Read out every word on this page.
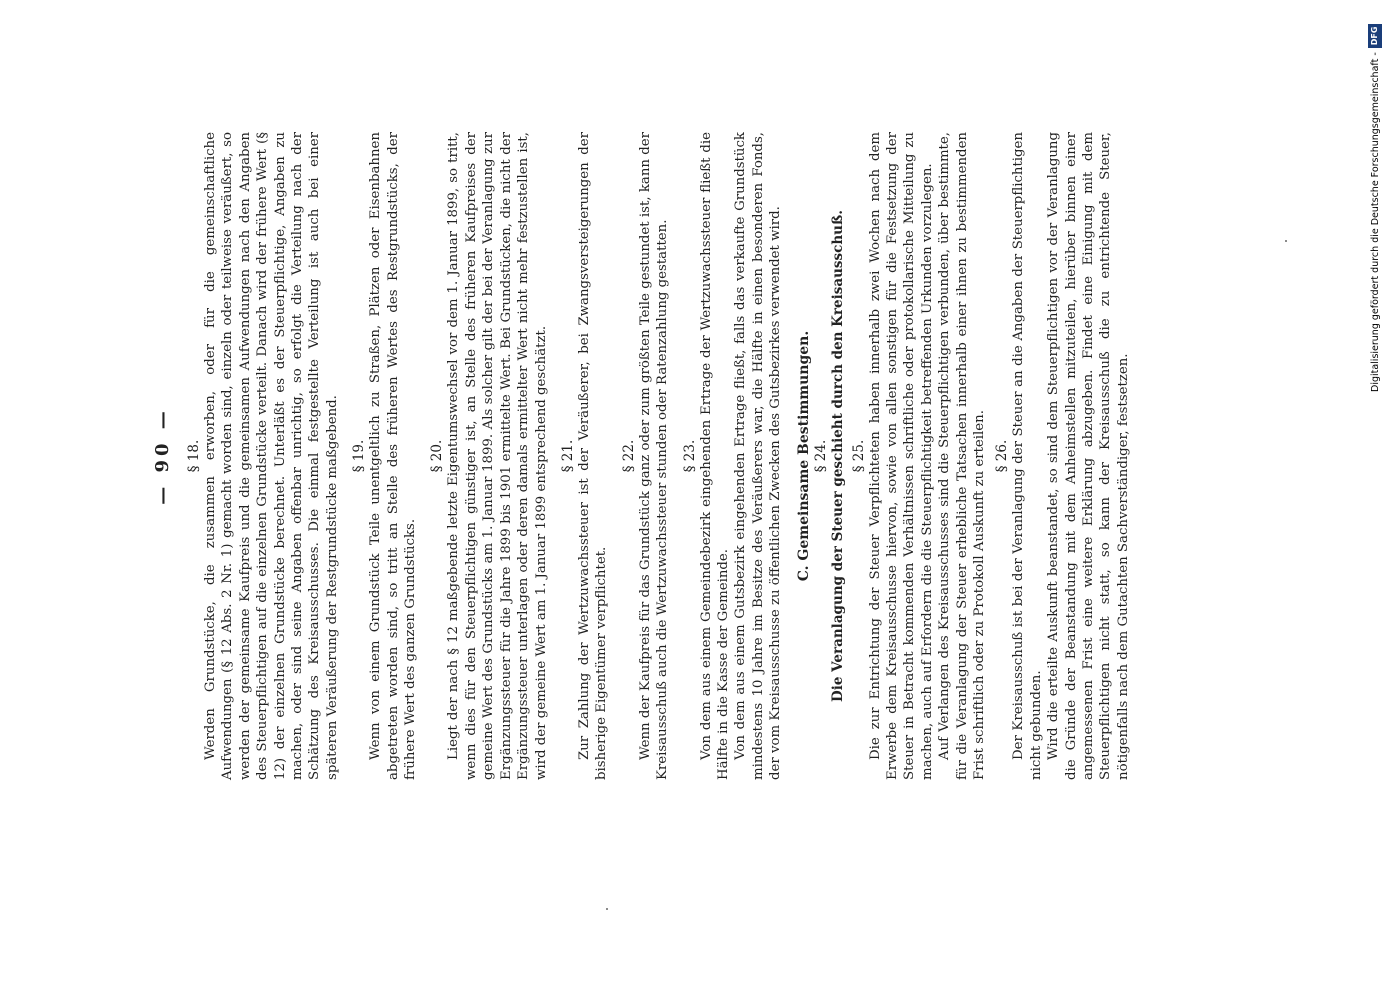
— 90 — § 18. Werden Grundstücke, die zusammen erworben, oder für die gemeinschaftliche Aufwendungen (§ 12 Abs. 2 Nr. 1) gemacht worden sind, einzeln oder teilweise veräußert, so werden der gemeinsame Kaufpreis und die gemeinsamen Aufwendungen nach den Angaben des Steuerpflichtigen auf die einzelnen Grundstücke verteilt. Danach wird der frühere Wert (§ 12) der einzelnen Grundstücke berechnet. Unterläßt es der Steuerpflichtige, Angaben zu machen, oder sind seine Angaben offenbar unrichtig, so erfolgt die Verteilung nach der Schätzung des Kreisausschusses. Die einmal festgestellte Verteilung ist auch bei einer späteren Veräußerung der Restgrundstücke maßgebend. § 19. Wenn von einem Grundstück Teile unentgeltlich zu Straßen, Plätzen oder Eisenbahnen abgetreten worden sind, so tritt an Stelle des früheren Wertes des Restgrundstücks, der frühere Wert des ganzen Grundstücks.

§ 20. Liegt der nach § 12 maßgebende letzte Eigentumswechsel vor dem 1. Januar 1899, so tritt, wenn dies für den Steuerpflichtigen günstiger ist, an Stelle des früheren Kaufpreises der gemeine Wert des Grundstücks am 1. Januar 1899. Als solcher gilt der bei der Veranlagung zur Ergänzungssteuer für die Jahre 1899 bis 1901 ermittelte Wert. Bei Grundstücken, die nicht der Ergänzungssteuer unterlagen oder deren damals ermittelter Wert nicht mehr festzustellen ist, wird der gemeine Wert am 1. Januar 1899 entsprechend geschätzt. § 21. Zur Zahlung der Wertzuwachssteuer ist der Veräußerer, bei Zwangsversteigerungen der bisherige Eigentümer verpflichtet.

§ 22. Wenn der Kaufpreis für das Grundstück ganz oder zum größten Teile gestundet ist, kann der Kreisausschuß auch die Wertzuwachssteuer stunden oder Ratenzahlung gestatten. § 23. Von dem aus einem Gemeindebezirk eingehenden Ertrage der Wertzuwachssteuer fließt die Hälfte in die Kasse der Gemeinde. Von dem aus einem Gutsbezirk eingehenden Ertrage fließt, falls das verkaufte Grundstück mindestens 10 Jahre im Besitze des Veräußerers war, die Hälfte in einen besonderen Fonds, der vom Kreisausschusse zu öffentlichen Zwecken des Gutsbezirkes verwendet wird. C. Gemeinsame Bestimmungen. § 24. Die Veranlagung der Steuer geschieht durch den Kreisausschuß. § 25. Die zur Entrichtung der Steuer Verpflichteten haben innerhalb zwei Wochen nach dem Erwerbe dem Kreisausschusse hiervon, sowie von allen sonstigen für die Festsetzung der Steuer in Betracht kommenden Verhältnissen schriftliche oder protokollarische Mitteilung zu machen, auch auf Erfordern die die Steuerpflichtigkeit betreffenden Urkunden vorzulegen. Auf Verlangen des Kreisausschusses sind die Steuerpflichtigen verbunden, über bestimmte, für die Veranlagung der Steuer erhebliche Tatsachen innerhalb einer ihnen zu bestimmenden Frist schriftlich oder zu Protokoll Auskunft zu erteilen. § 26. Der Kreisausschuß ist bei der Veranlagung der Steuer an die Angaben der Steuerpflichtigen nicht gebunden. Wird die erteilte Auskunft beanstandet, so sind dem Steuerpflichtigen vor der Veranlagung die Gründe der Beanstandung mit dem Anheimstellen mitzuteilen, hierüber binnen einer angemessenen Frist eine weitere Erklärung abzugeben. Findet eine Einigung mit dem Steuerpflichtigen nicht statt, so kann der Kreisausschuß die zu entrichtende Steuer, nötigenfalls nach dem Gutachten Sachverständiger, festsetzen.

Digitalisierung gefördert durch die Deutsche Forschungsgemeinschaft -
DFG
